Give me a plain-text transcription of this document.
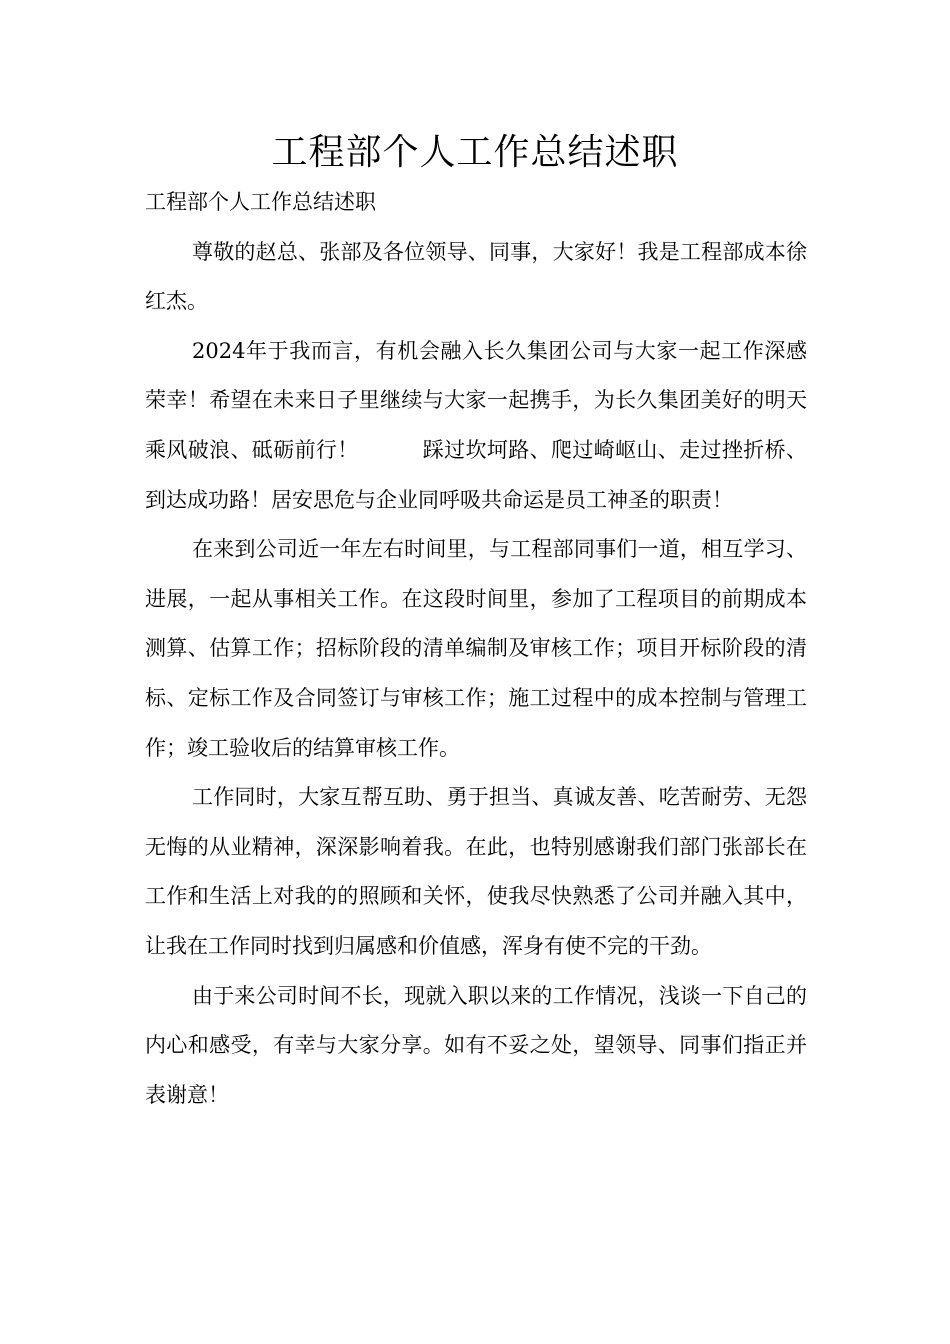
工程部个人工作总结述职

工程部个人工作总结述职

尊敬的赵总、张部及各位领导、同事，大家好！我是工程部成本徐红杰。

2024年于我而言，有机会融入长久集团公司与大家一起工作深感荣幸！希望在未来日子里继续与大家一起携手，为长久集团美好的明天乘风破浪、砥砺前行！　　　踩过坎坷路、爬过崎岖山、走过挫折桥、到达成功路！居安思危与企业同呼吸共命运是员工神圣的职责！

在来到公司近一年左右时间里，与工程部同事们一道，相互学习、进展，一起从事相关工作。在这段时间里，参加了工程项目的前期成本测算、估算工作；招标阶段的清单编制及审核工作；项目开标阶段的清标、定标工作及合同签订与审核工作；施工过程中的成本控制与管理工作；竣工验收后的结算审核工作。

工作同时，大家互帮互助、勇于担当、真诚友善、吃苦耐劳、无怨无悔的从业精神，深深影响着我。在此，也特别感谢我们部门张部长在工作和生活上对我的的照顾和关怀，使我尽快熟悉了公司并融入其中，让我在工作同时找到归属感和价值感，浑身有使不完的干劲。

由于来公司时间不长，现就入职以来的工作情况，浅谈一下自己的内心和感受，有幸与大家分享。如有不妥之处，望领导、同事们指正并表谢意！
